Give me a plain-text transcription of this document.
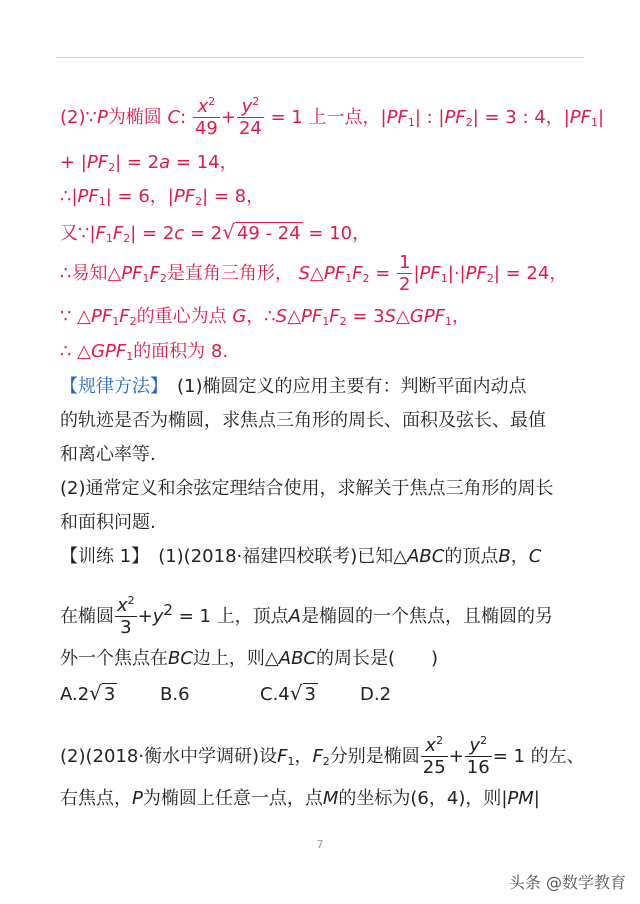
(2)∵P为椭圆 C: $\frac{x^2}{49} + \frac{y^2}{24} = 1$ 上一点，$|PF_1|$ : $|PF_2| = 3$ : 4，$|PF_1|$
+ $|PF_2| = 2a = 14$，
$\therefore|PF_1| = 6$，$|PF_2| = 8$，
又$\because|F_1F_2| = 2c = 2√$ 49 - 24 = 10，
∴易知$\triangle PF_1F_2$是直角三角形， $S\triangle PF_1F_2 = \frac{1}{2} |PF_1|\cdot|PF_2| = 24$，
∵ $\triangle PF_1F_2$的重心为点 G，$\therefore S\triangle PF_1F_2$ = $3S\triangle GPF_1$，
∴ $\triangle GPF_1$的面积为 8.
【规律方法】　 (1)椭圆定义的应用主要有：判断平面内动点
的轨迹是否为椭圆，求焦点三角形的周长、面积及弦长、最值
和离心率等.
(2)通常定义和余弦定理结合使用，求解关于焦点三角形的周长
和面积问题.
【训练 1】　 (1)(2018·福建四校联考)已知△ABC的顶点B，C
在椭圆 $\frac{x^2}{3} +y^2 = 1$ 上，顶点A是椭圆的一个焦点，且椭圆的另
外一个焦点在BC边上，则△ABC的周长是(　　)
A.2√ 3 B.6	C.4√ 3 D.2
(2)(2018·衡水中学调研)设$F_1$，$F_2$分别是椭圆 $\frac{x^2}{25} + \frac{y^2}{16} = 1$ 的左、
右焦点，P为椭圆上任意一点，点M的坐标为(6，4)，则|PM|
7
头条 @数学教育
